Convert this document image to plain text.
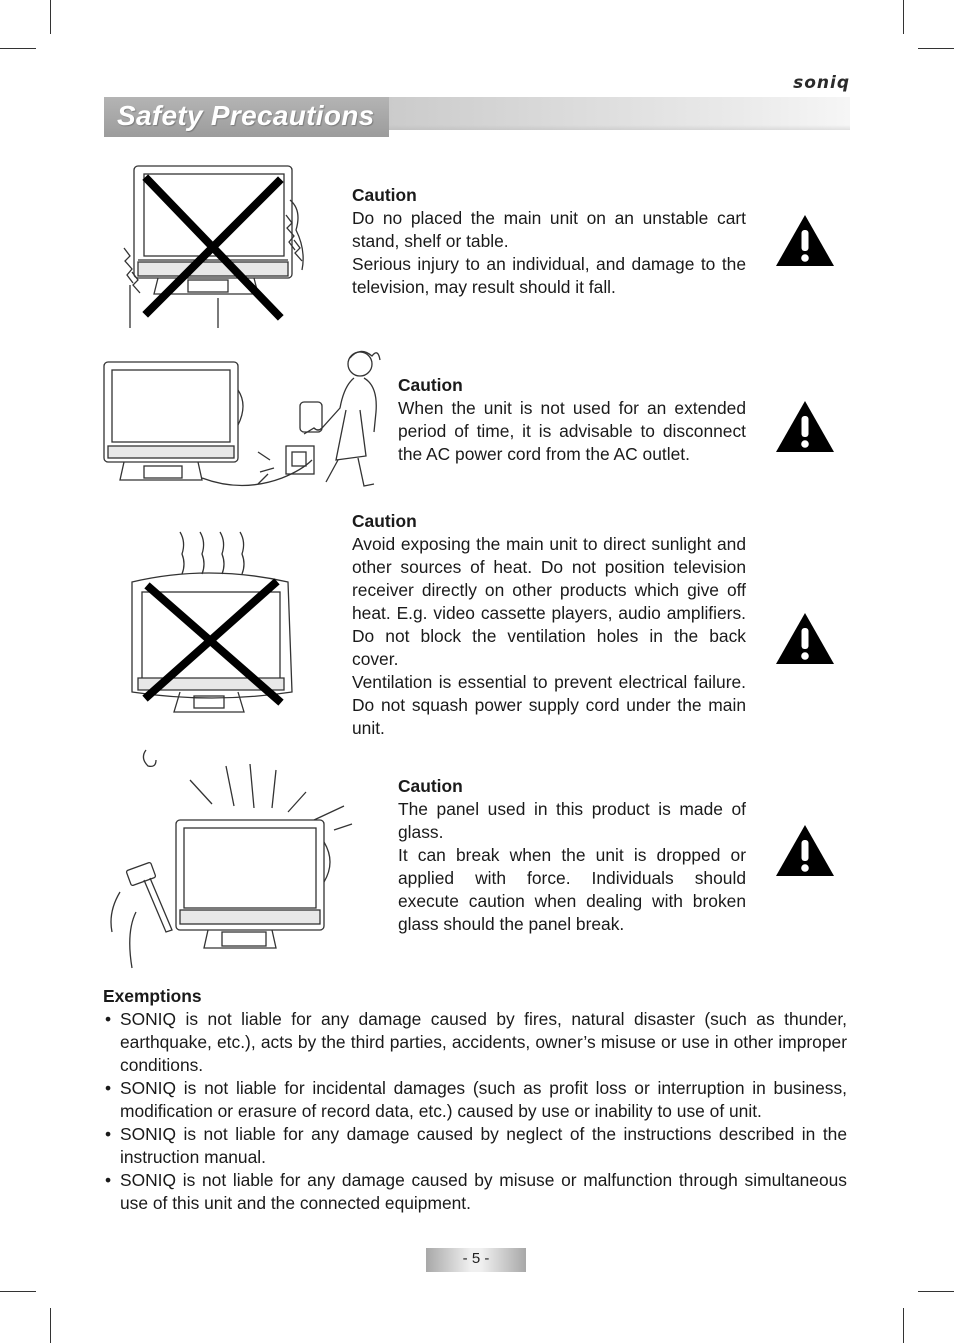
soniq
Safety Precautions
Caution
Do no placed the main unit on an unstable cart stand, shelf or table.
Serious injury to an individual, and damage to the television, may result should it fall.
Caution
When the unit is not used for an extended period of time, it is advisable to disconnect the AC power cord from the AC outlet.
Caution
Avoid exposing the main unit to direct sunlight and other sources of heat. Do not position television receiver directly on other products which give off heat. E.g. video cassette players, audio amplifiers. Do not block the ventilation holes in the back cover.
Ventilation is essential to prevent electrical failure. Do not squash power supply cord under the main unit.
Caution
The panel used in this product is made of glass.
It can break when the unit is dropped or applied with force. Individuals should execute caution when dealing with broken glass should the panel break.
Exemptions
• SONIQ is not liable for any damage caused by fires, natural disaster (such as thunder, earthquake, etc.), acts by the third parties, accidents, owner’s misuse or use in other improper conditions.
• SONIQ is not liable for incidental damages (such as profit loss or interruption in business, modification or erasure of record data, etc.) caused by use or inability to use of unit.
• SONIQ is not liable for any damage caused by neglect of the instructions described in the instruction manual.
• SONIQ is not liable for any damage caused by misuse or malfunction through simultaneous use of this unit and the connected equipment.
- 5 -
